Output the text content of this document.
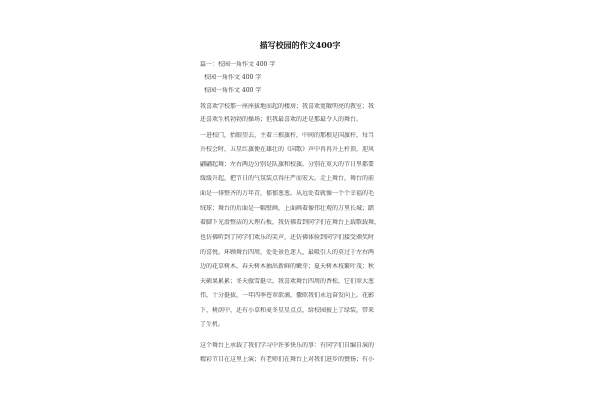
描写校园的作文400字
篇一：校园一角作文 400 字
校园一角作文 400 字
校园一角作文 400 字
我喜欢学校那一座座拔地而起的楼房；我喜欢宽敞明亮的教室；我
还喜欢生机勃勃的操场；但我最喜欢的还是那最令人的舞台。
一进校门，抬眼望去，主着三根旗杆，中间的那根是国旗杆，每当
升校会时，五星红旗便在雄壮的《国歌》声中冉冉升上杆顶，迎风
翩翩起舞；左右两边分别是队旗和校旗。分别在重大的节日里都要
缓缓升起，把节日的气氛装点得庄严而宏大。走上舞台，舞台的前
面是一排整齐的万年青，郁郁葱葱。从远处看就像一个个幸福的毛
绒球；舞台的后面是一幅壁画，上面画着像伟壮观的万里长城；踏
着脚下光滑整洁的大理石板，我仿佛看到同学们在舞台上载歌载舞，
也仿佛听到了同学们欢乐的笑声，还仿佛体验到同学们接受颁奖时
的喜悦。环顾舞台四周，处处景色迷人，最吸引人的莫过于左右两
边的花草树木。春天树木抽出新鲜的嫩芽；夏天树木枝繁叶茂；秋
天硕果累累；冬天傲雪挺立。我喜欢舞台四周的香松，它们翠大葱
伟，十分挺拔，一年四季苍翠欲滴，撒欧我们永远奋发向上。花影
下，树荫中，还有小草和麦冬星星点点，给校园披上了绿装，带来
了生机。
这个舞台上承载了我们学习中许多快乐的事：有同学们自编自演的
精彩节目在这里上演；有老师们在舞台上对我们进步的赞扬；有小
